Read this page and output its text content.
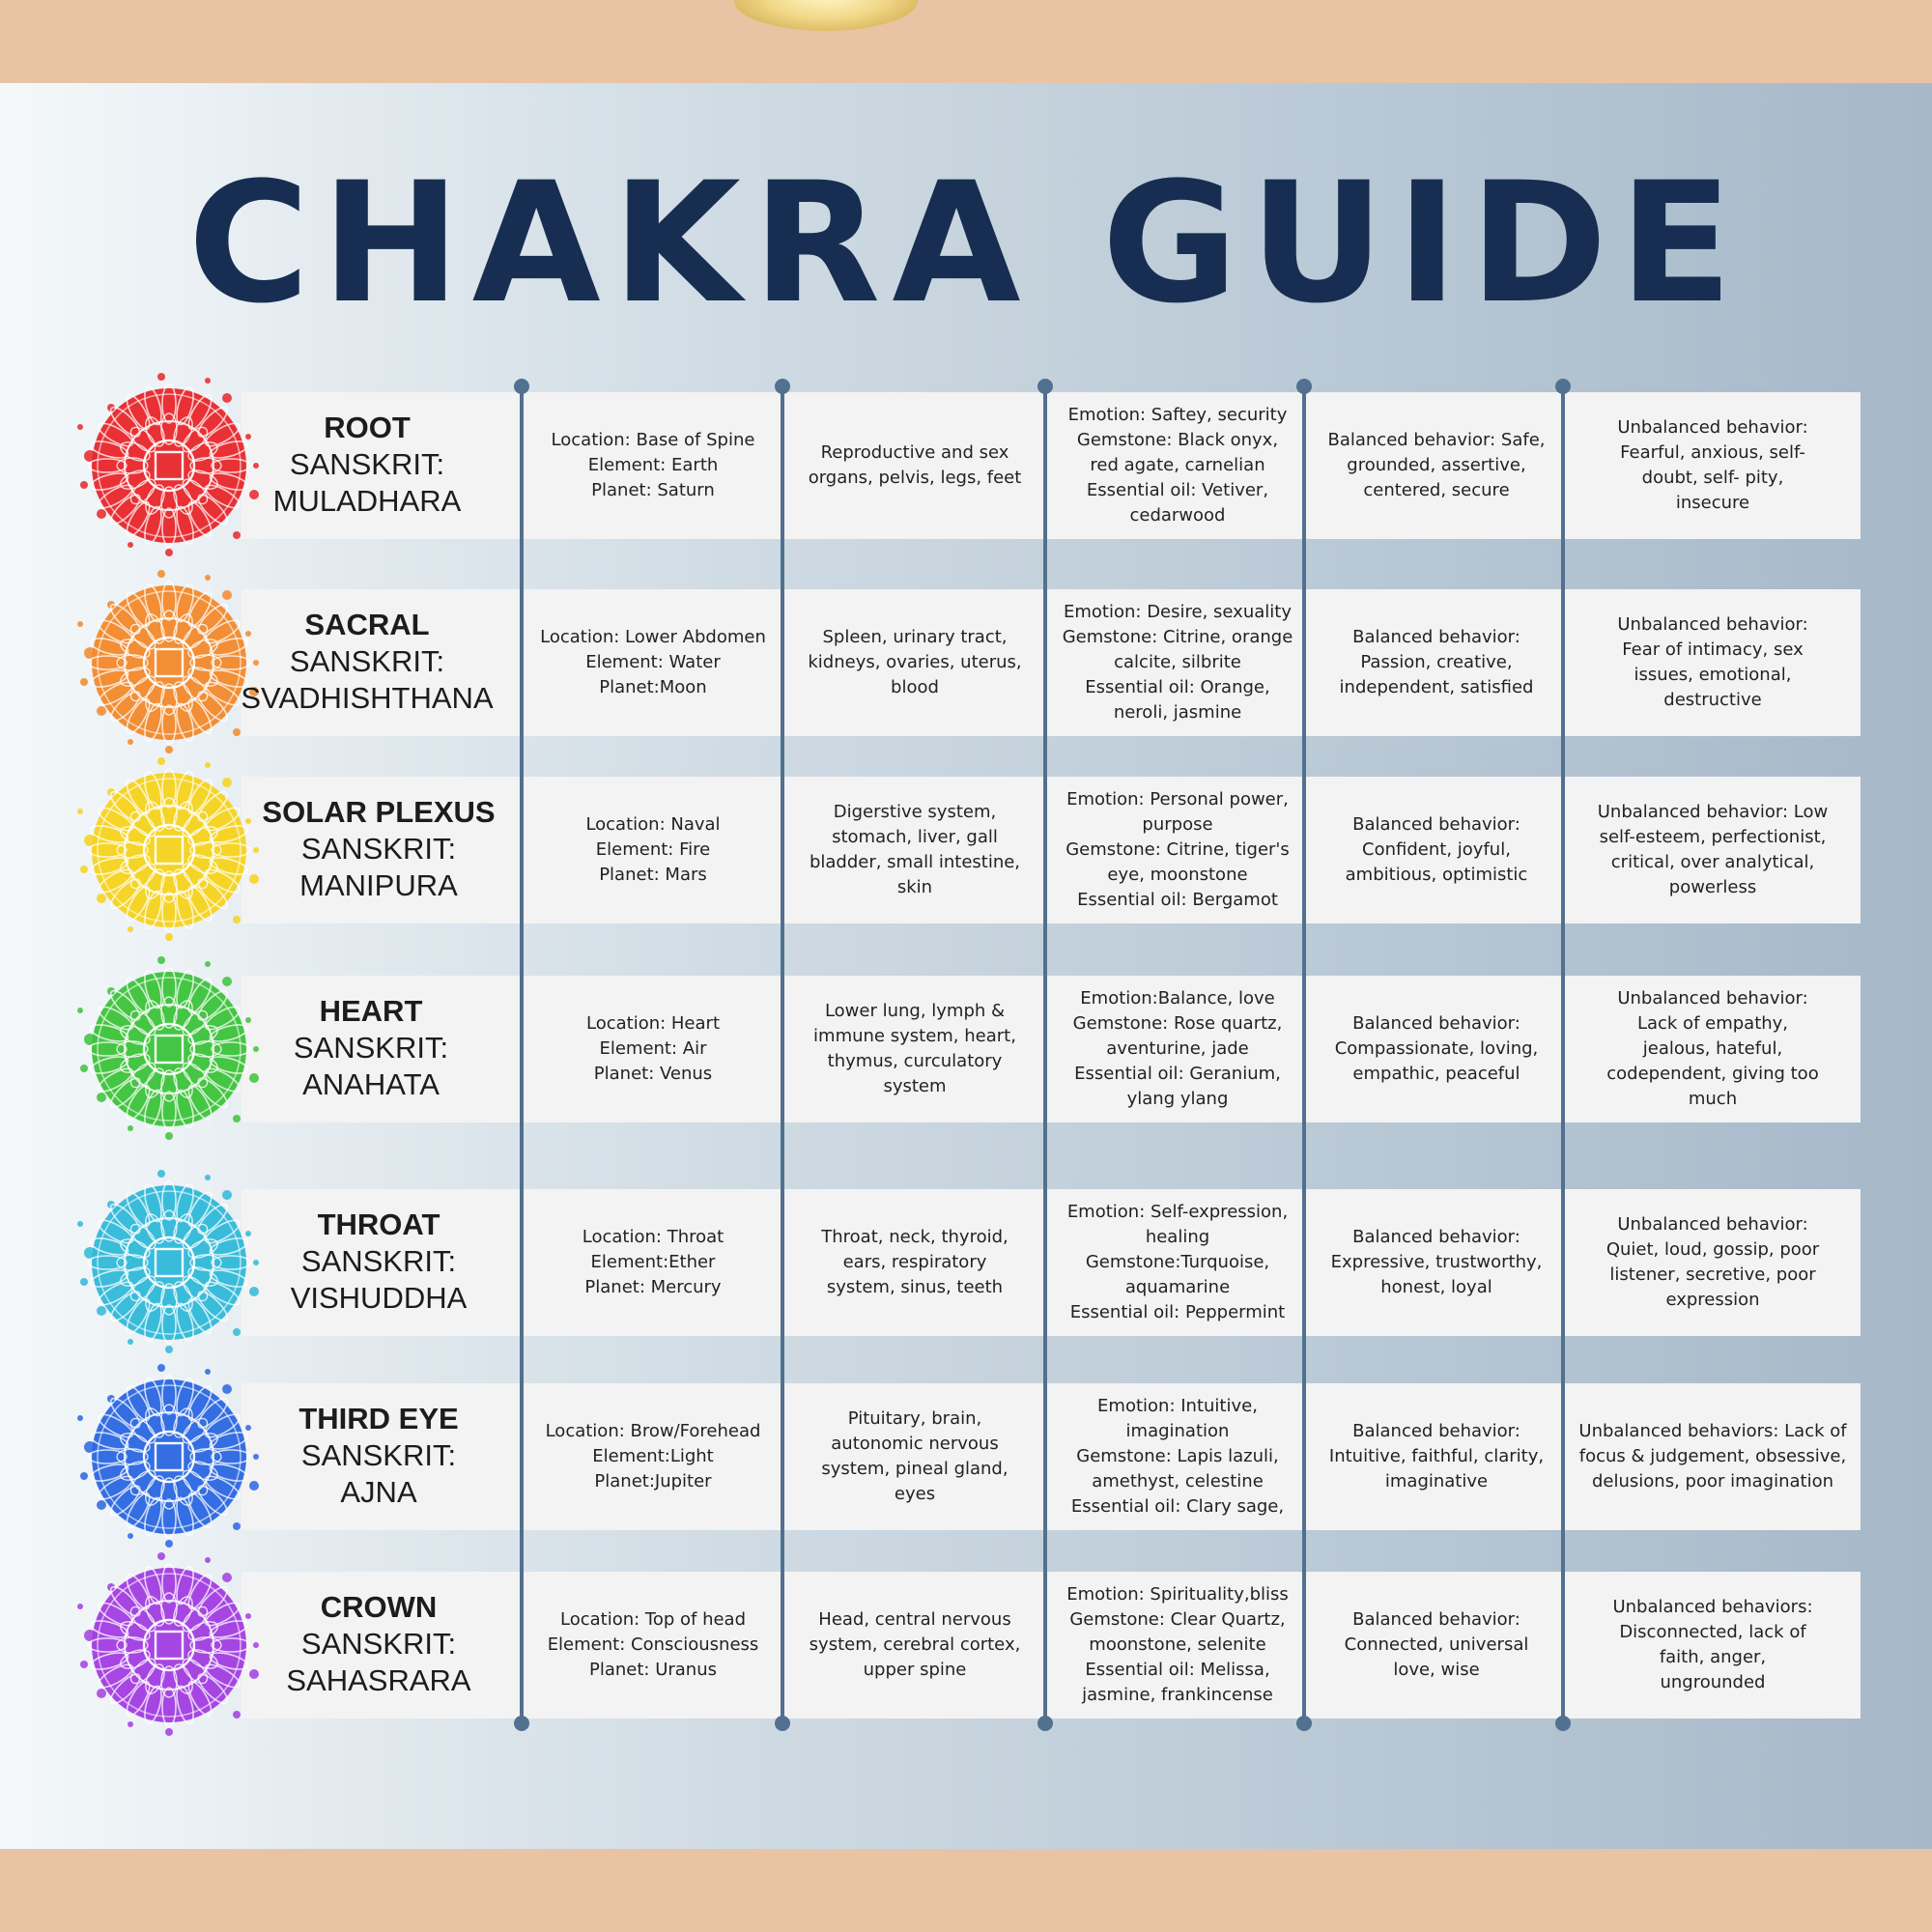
CHAKRA GUIDE
ROOT
SANSKRIT:
MULADHARA
Location: Base of Spine
Element: Earth
Planet: Saturn
Reproductive and sex
organs, pelvis, legs, feet
Emotion: Saftey, security
Gemstone: Black onyx,
red agate, carnelian
Essential oil: Vetiver,
cedarwood
Balanced behavior: Safe,
grounded, assertive,
centered, secure
Unbalanced behavior:
Fearful, anxious, self-
doubt, self- pity,
insecure
SACRAL
SANSKRIT:
SVADHISHTHANA
Location: Lower Abdomen
Element: Water
Planet:Moon
Spleen, urinary tract,
kidneys, ovaries, uterus,
blood
Emotion: Desire, sexuality
Gemstone: Citrine, orange
calcite, silbrite
Essential oil: Orange,
neroli, jasmine
Balanced behavior:
Passion, creative,
independent, satisfied
Unbalanced behavior:
Fear of intimacy, sex
issues, emotional,
destructive
SOLAR PLEXUS
SANSKRIT:
MANIPURA
Location: Naval
Element: Fire
Planet: Mars
Digerstive system,
stomach, liver, gall
bladder, small intestine,
skin
Emotion: Personal power,
purpose
Gemstone: Citrine, tiger's
eye, moonstone
Essential oil: Bergamot
Balanced behavior:
Confident, joyful,
ambitious, optimistic
Unbalanced behavior: Low
self-esteem, perfectionist,
critical, over analytical,
powerless
HEART
SANSKRIT:
ANAHATA
Location: Heart
Element: Air
Planet: Venus
Lower lung, lymph &
immune system, heart,
thymus, curculatory
system
Emotion:Balance, love
Gemstone: Rose quartz,
aventurine, jade
Essential oil: Geranium,
ylang ylang
Balanced behavior:
Compassionate, loving,
empathic, peaceful
Unbalanced behavior:
Lack of empathy,
jealous, hateful,
codependent, giving too
much
THROAT
SANSKRIT:
VISHUDDHA
Location: Throat
Element:Ether
Planet: Mercury
Throat, neck, thyroid,
ears, respiratory
system, sinus, teeth
Emotion: Self-expression,
healing
Gemstone:Turquoise,
aquamarine
Essential oil: Peppermint
Balanced behavior:
Expressive, trustworthy,
honest, loyal
Unbalanced behavior:
Quiet, loud, gossip, poor
listener, secretive, poor
expression
THIRD EYE
SANSKRIT:
AJNA
Location: Brow/Forehead
Element:Light
Planet:Jupiter
Pituitary, brain,
autonomic nervous
system, pineal gland,
eyes
Emotion: Intuitive,
imagination
Gemstone: Lapis lazuli,
amethyst, celestine
Essential oil: Clary sage,
Balanced behavior:
Intuitive, faithful, clarity,
imaginative
Unbalanced behaviors: Lack of
focus & judgement, obsessive,
delusions, poor imagination
CROWN
SANSKRIT:
SAHASRARA
Location: Top of head
Element: Consciousness
Planet: Uranus
Head, central nervous
system, cerebral cortex,
upper spine
Emotion: Spirituality,bliss
Gemstone: Clear Quartz,
moonstone, selenite
Essential oil: Melissa,
jasmine, frankincense
Balanced behavior:
Connected, universal
love, wise
Unbalanced behaviors:
Disconnected, lack of
faith, anger,
ungrounded
